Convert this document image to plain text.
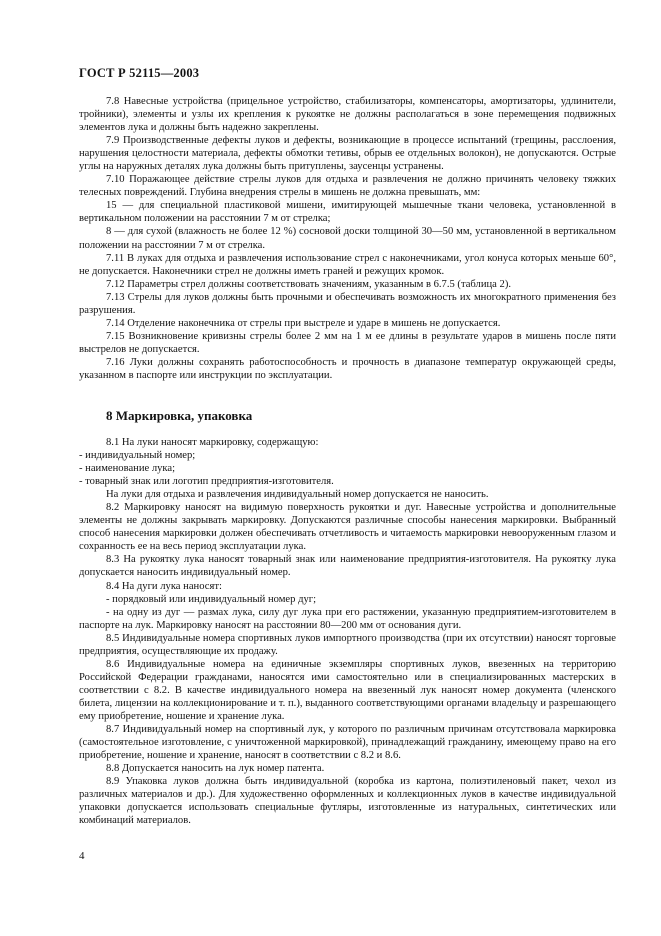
ГОСТ Р 52115—2003

7.8 Навесные устройства (прицельное устройство, стабилизаторы, компенсаторы, амортизаторы, удлинители, тройники), элементы и узлы их крепления к рукоятке не должны располагаться в зоне перемещения подвижных элементов лука и должны быть надежно закреплены.

7.9 Производственные дефекты луков и дефекты, возникающие в процессе испытаний (трещины, расслоения, нарушения целостности материала, дефекты обмотки тетивы, обрыв ее отдельных волокон), не допускаются. Острые углы на наружных деталях лука должны быть притуплены, заусенцы устранены.

7.10 Поражающее действие стрелы луков для отдыха и развлечения не должно причинять человеку тяжких телесных повреждений. Глубина внедрения стрелы в мишень не должна превышать, мм:

15 — для специальной пластиковой мишени, имитирующей мышечные ткани человека, установленной в вертикальном положении на расстоянии 7 м от стрелка;

8 — для сухой (влажность не более 12 %) сосновой доски толщиной 30—50 мм, установленной в вертикальном положении на расстоянии 7 м от стрелка.

7.11 В луках для отдыха и развлечения использование стрел с наконечниками, угол конуса которых меньше 60°, не допускается. Наконечники стрел не должны иметь граней и режущих кромок.

7.12 Параметры стрел должны соответствовать значениям, указанным в 6.7.5 (таблица 2).

7.13 Стрелы для луков должны быть прочными и обеспечивать возможность их многократного применения без разрушения.

7.14 Отделение наконечника от стрелы при выстреле и ударе в мишень не допускается.

7.15 Возникновение кривизны стрелы более 2 мм на 1 м ее длины в результате ударов в мишень после пяти выстрелов не допускается.

7.16 Луки должны сохранять работоспособность и прочность в диапазоне температур окружающей среды, указанном в паспорте или инструкции по эксплуатации.

8 Маркировка, упаковка

8.1 На луки наносят маркировку, содержащую:

- индивидуальный номер;

- наименование лука;

- товарный знак или логотип предприятия-изготовителя.

На луки для отдыха и развлечения индивидуальный номер допускается не наносить.

8.2 Маркировку наносят на видимую поверхность рукоятки и дуг. Навесные устройства и дополнительные элементы не должны закрывать маркировку. Допускаются различные способы нанесения маркировки. Выбранный способ нанесения маркировки должен обеспечивать отчетливость и читаемость маркировки невооруженным глазом и сохранность ее на весь период эксплуатации лука.

8.3 На рукоятку лука наносят товарный знак или наименование предприятия-изготовителя. На рукоятку лука допускается наносить индивидуальный номер.

8.4 На дуги лука наносят:

- порядковый или индивидуальный номер дуг;

- на одну из дуг — размах лука, силу дуг лука при его растяжении, указанную предприятием-изготовителем в паспорте на лук. Маркировку наносят на расстоянии 80—200 мм от основания дуги.

8.5 Индивидуальные номера спортивных луков импортного производства (при их отсутствии) наносят торговые предприятия, осуществляющие их продажу.

8.6 Индивидуальные номера на единичные экземпляры спортивных луков, ввезенных на территорию Российской Федерации гражданами, наносятся ими самостоятельно или в специализированных мастерских в соответствии с 8.2. В качестве индивидуального номера на ввезенный лук наносят номер документа (членского билета, лицензии на коллекционирование и т. п.), выданного соответствующими органами владельцу и разрешающего ему приобретение, ношение и хранение лука.

8.7 Индивидуальный номер на спортивный лук, у которого по различным причинам отсутствовала маркировка (самостоятельное изготовление, с уничтоженной маркировкой), принадлежащий гражданину, имеющему право на его приобретение, ношение и хранение, наносят в соответствии с 8.2 и 8.6.

8.8 Допускается наносить на лук номер патента.

8.9 Упаковка луков должна быть индивидуальной (коробка из картона, полиэтиленовый пакет, чехол из различных материалов и др.). Для художественно оформленных и коллекционных луков в качестве индивидуальной упаковки допускается использовать специальные футляры, изготовленные из натуральных, синтетических или комбинаций материалов.

4
